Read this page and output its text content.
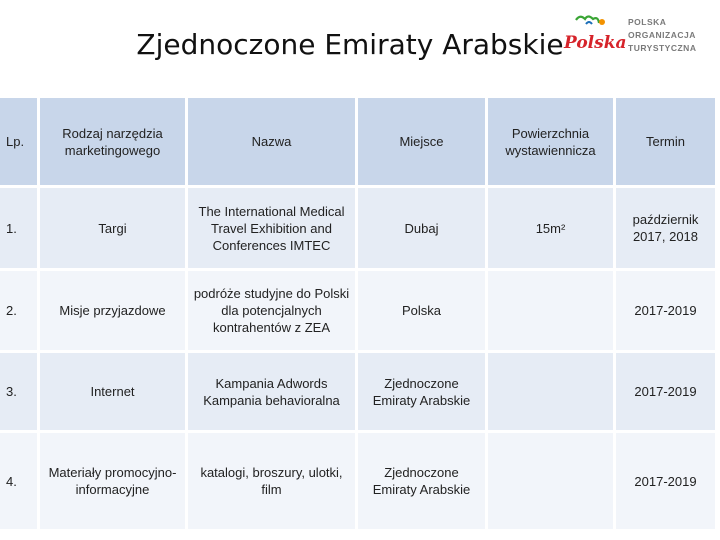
Zjednoczone Emiraty Arabskie Polska
POLSKA
ORGANIZACJA
TURYSTYCZNA
Lp.	Rodzaj narzędzia marketingowego	Nazwa	Miejsce	Powierzchnia wystawiennicza	Termin
1.	Targi	The International Medical Travel Exhibition and Conferences IMTEC	Dubaj	15m²	październik 2017, 2018
2.	Misje przyjazdowe	podróże studyjne do Polski dla potencjalnych kontrahentów z ZEA	Polska		2017-2019
3.	Internet	Kampania Adwords Kampania behavioralna	Zjednoczone Emiraty Arabskie		2017-2019
4.	Materiały promocyjno-informacyjne	katalogi, broszury, ulotki, film	Zjednoczone Emiraty Arabskie		2017-2019
